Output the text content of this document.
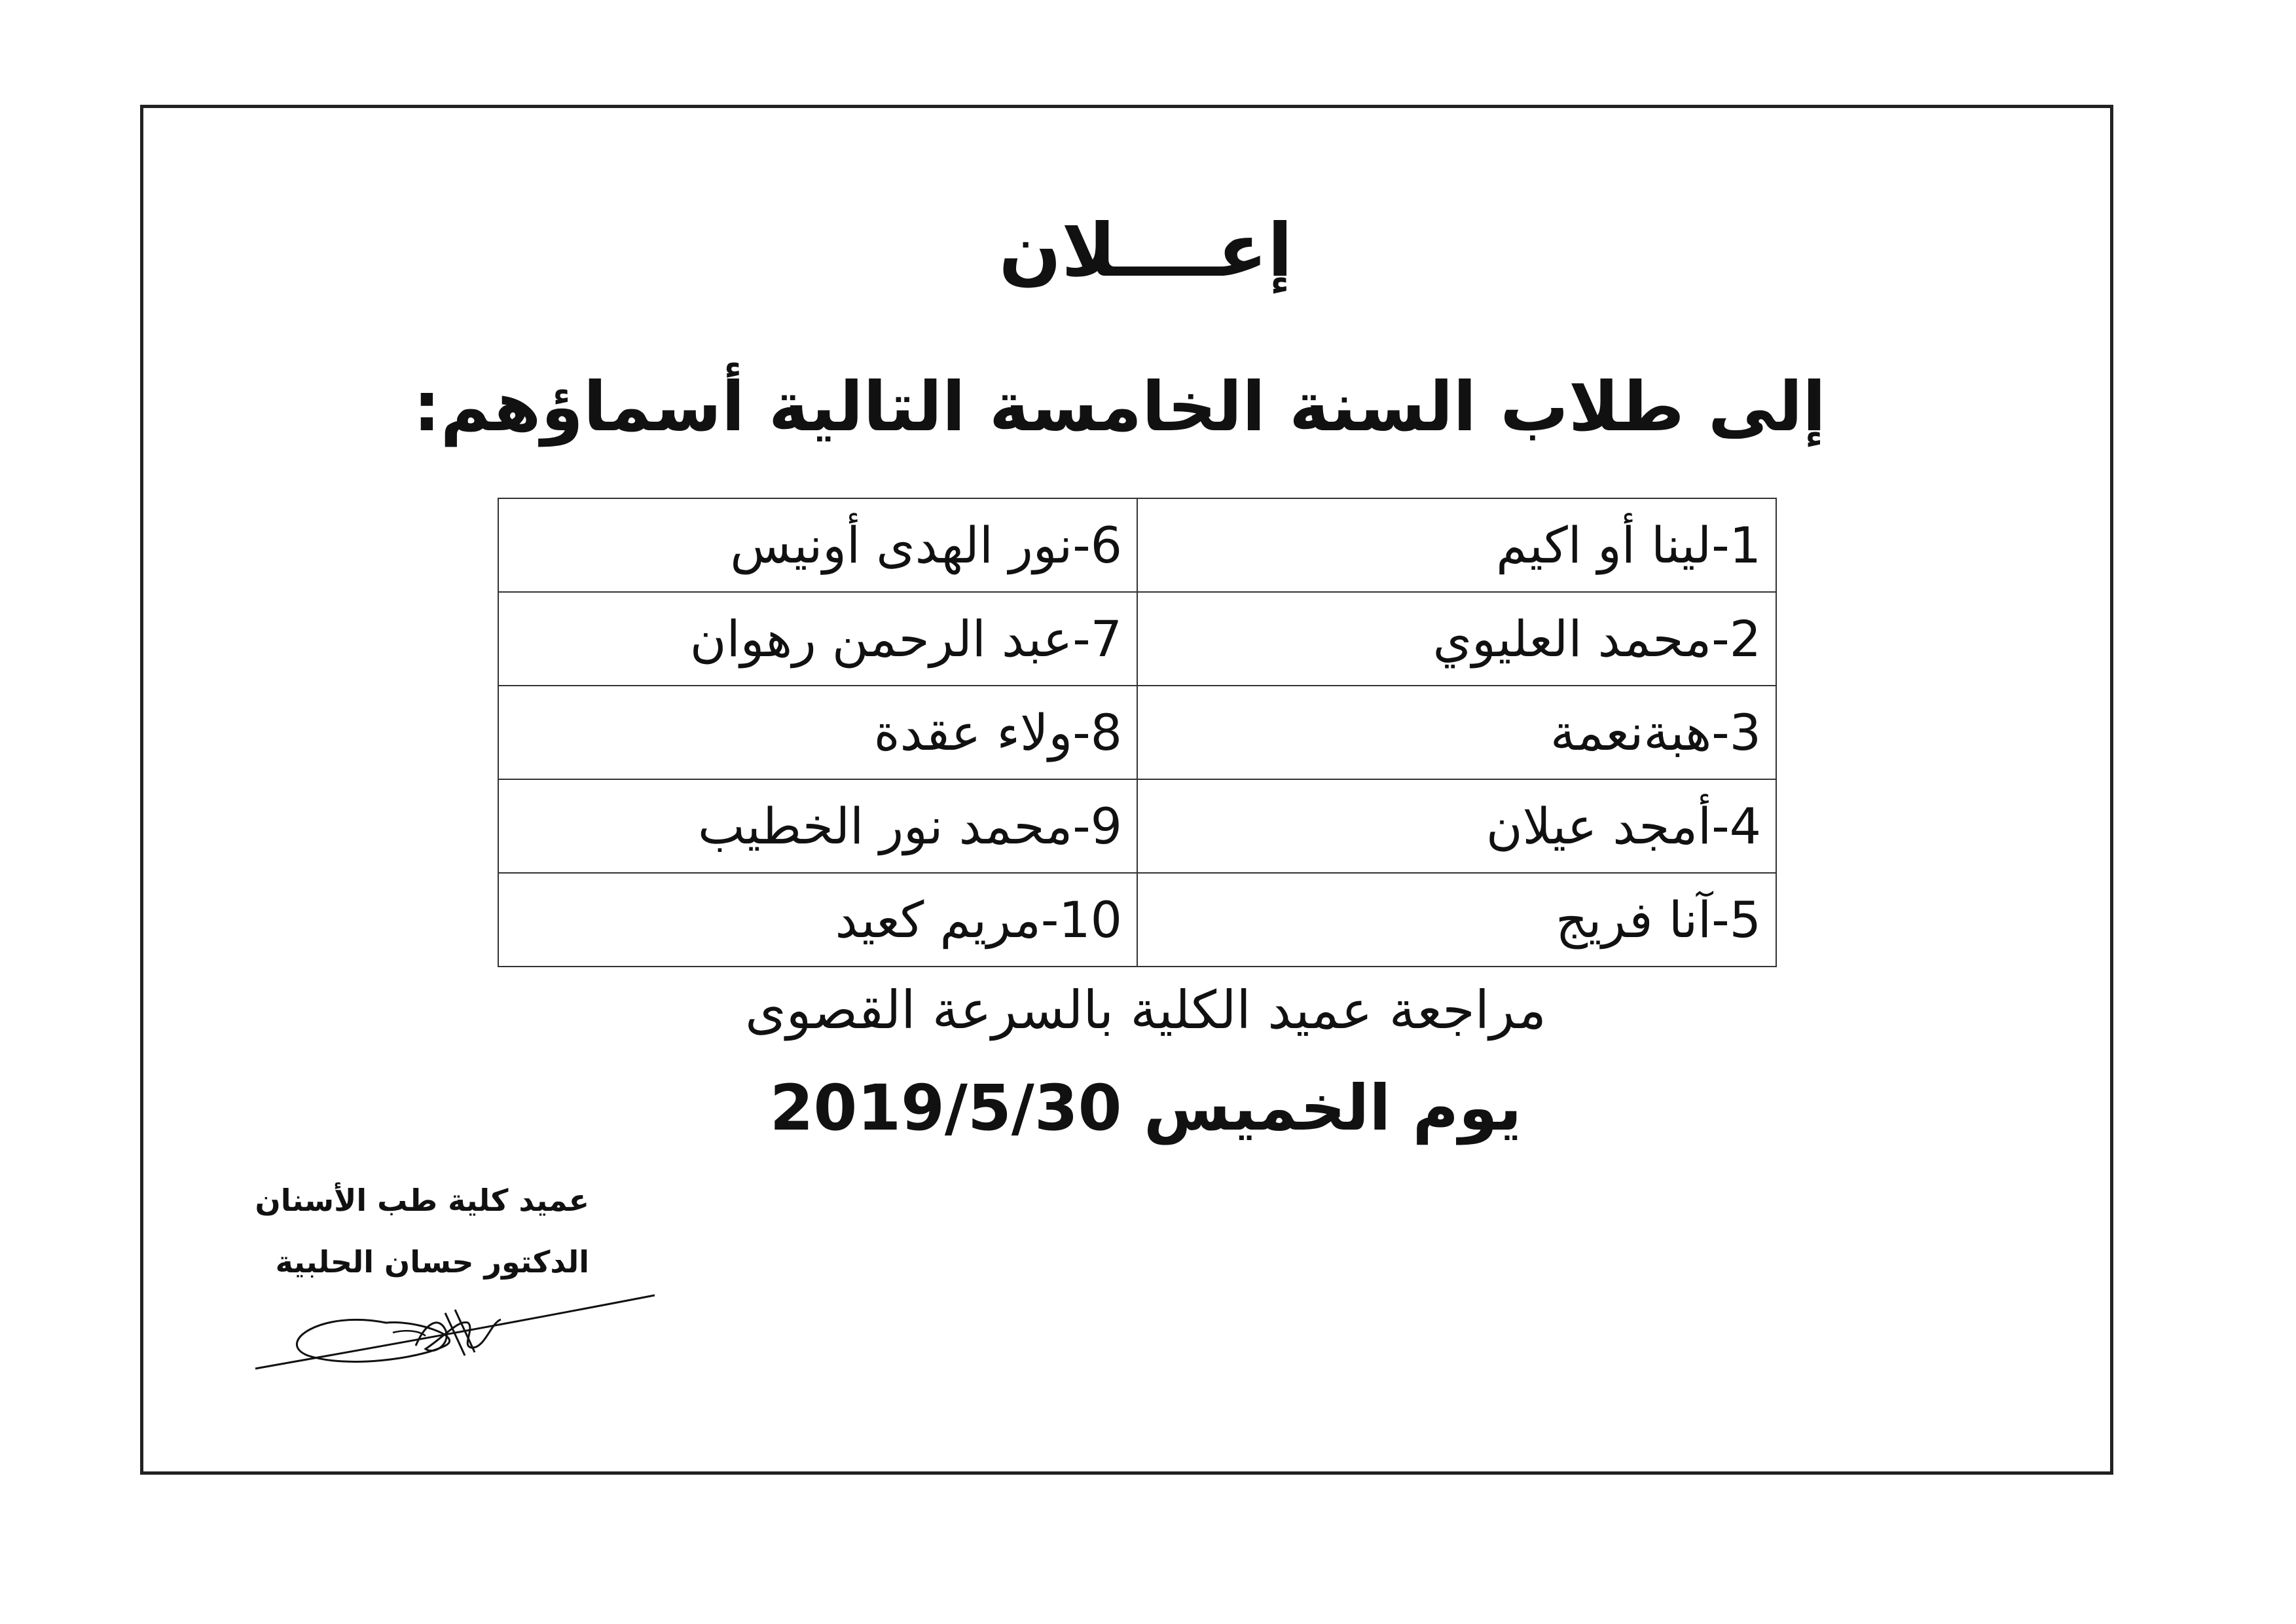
إعــــلان
إلى طلاب السنة الخامسة التالية أسماؤهم:
1-لينا أو اكيم	6-نور الهدى أونيس
2-محمد العليوي	7-عبد الرحمن رهوان
3-هبةنعمة	8-ولاء عقدة
4-أمجد عيلان	9-محمد نور الخطيب
5-آنا فريج	10-مريم كعيد
مراجعة عميد الكلية بالسرعة القصوى
يوم الخميس 2019/5/30
عميد كلية طب الأسنان
الدكتور حسان الحلبية
